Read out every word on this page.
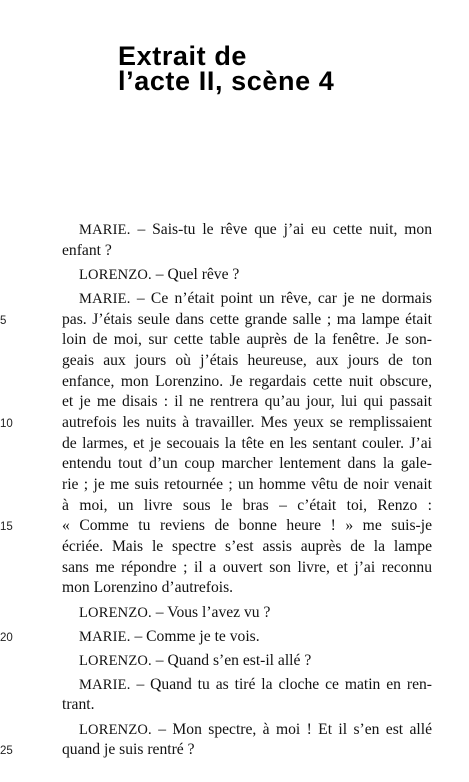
Extrait de
l’acte II, scène 4
MARIE. – Sais-tu le rêve que j’ai eu cette nuit, mon
enfant ?
LORENZO. – Quel rêve ?
MARIE. – Ce n’était point un rêve, car je ne dormais
pas. J’étais seule dans cette grande salle ; ma lampe était
5
loin de moi, sur cette table auprès de la fenêtre. Je son-
geais aux jours où j’étais heureuse, aux jours de ton
enfance, mon Lorenzino. Je regardais cette nuit obscure,
et je me disais : il ne rentrera qu’au jour, lui qui passait
autrefois les nuits à travailler. Mes yeux se remplissaient
10
de larmes, et je secouais la tête en les sentant couler. J’ai
entendu tout d’un coup marcher lentement dans la gale-
rie ; je me suis retournée ; un homme vêtu de noir venait
à moi, un livre sous le bras – c’était toi, Renzo :
« Comme tu reviens de bonne heure ! » me suis-je
15
écriée. Mais le spectre s’est assis auprès de la lampe
sans me répondre ; il a ouvert son livre, et j’ai reconnu
mon Lorenzino d’autrefois.
LORENZO. – Vous l’avez vu ?
MARIE. – Comme je te vois.
20
LORENZO. – Quand s’en est-il allé ?
MARIE. – Quand tu as tiré la cloche ce matin en ren-
trant.
LORENZO. – Mon spectre, à moi ! Et il s’en est allé
quand je suis rentré ?
25
